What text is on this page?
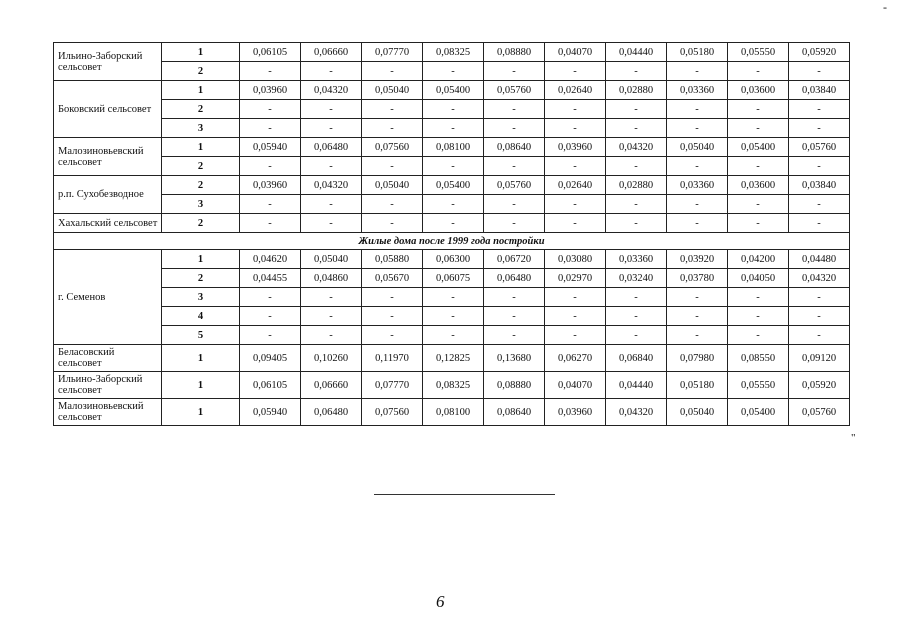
-
Ильино-Заборский сельсовет	1	0,06105	0,06660	0,07770	0,08325	0,08880	0,04070	0,04440	0,05180	0,05550	0,05920
	2	-	-	-	-	-	-	-	-	-	-
Боковский сельсовет	1	0,03960	0,04320	0,05040	0,05400	0,05760	0,02640	0,02880	0,03360	0,03600	0,03840
	2	-	-	-	-	-	-	-	-	-	-
	3	-	-	-	-	-	-	-	-	-	-
Малозиновьевский сельсовет	1	0,05940	0,06480	0,07560	0,08100	0,08640	0,03960	0,04320	0,05040	0,05400	0,05760
	2	-	-	-	-	-	-	-	-	-	-
р.п. Сухобезводное	2	0,03960	0,04320	0,05040	0,05400	0,05760	0,02640	0,02880	0,03360	0,03600	0,03840
	3	-	-	-	-	-	-	-	-	-	-
Хахальский сельсовет	2	-	-	-	-	-	-	-	-	-	-
Жилые дома после 1999 года постройки											
г. Семенов	1	0,04620	0,05040	0,05880	0,06300	0,06720	0,03080	0,03360	0,03920	0,04200	0,04480
	2	0,04455	0,04860	0,05670	0,06075	0,06480	0,02970	0,03240	0,03780	0,04050	0,04320
	3	-	-	-	-	-	-	-	-	-	-
	4	-	-	-	-	-	-	-	-	-	-
	5	-	-	-	-	-	-	-	-	-	-
Беласовский сельсовет	1	0,09405	0,10260	0,11970	0,12825	0,13680	0,06270	0,06840	0,07980	0,08550	0,09120
Ильино-Заборский сельсовет	1	0,06105	0,06660	0,07770	0,08325	0,08880	0,04070	0,04440	0,05180	0,05550	0,05920
Малозиновьевский сельсовет	1	0,05940	0,06480	0,07560	0,08100	0,08640	0,03960	0,04320	0,05040	0,05400	0,05760
"
6
